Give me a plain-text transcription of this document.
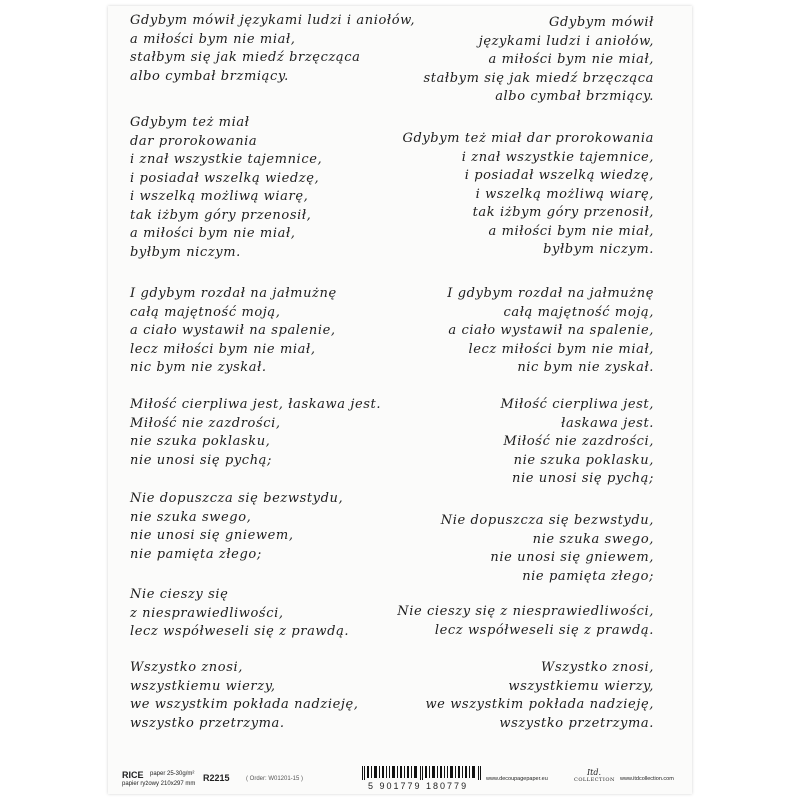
Gdybym mówił językami ludzi i aniołów,
a miłości bym nie miał,
stałbym się jak miedź brzęcząca
albo cymbał brzmiący.
Gdybym mówił
językami ludzi i aniołów,
a miłości bym nie miał,
stałbym się jak miedź brzęcząca
albo cymbał brzmiący.
Gdybym też miał
dar prorokowania
i znał wszystkie tajemnice,
i posiadał wszelką wiedzę,
i wszelką możliwą wiarę,
tak iżbym góry przenosił,
a miłości bym nie miał,
byłbym niczym.
Gdybym też miał dar prorokowania
i znał wszystkie tajemnice,
i posiadał wszelką wiedzę,
i wszelką możliwą wiarę,
tak iżbym góry przenosił,
a miłości bym nie miał,
byłbym niczym.
I gdybym rozdał na jałmużnę
całą majętność moją,
a ciało wystawił na spalenie,
lecz miłości bym nie miał,
nic bym nie zyskał.
I gdybym rozdał na jałmużnę
całą majętność moją,
a ciało wystawił na spalenie,
lecz miłości bym nie miał,
nic bym nie zyskał.
Miłość cierpliwa jest, łaskawa jest.
Miłość nie zazdrości,
nie szuka poklasku,
nie unosi się pychą;
Miłość cierpliwa jest,
łaskawa jest.
Miłość nie zazdrości,
nie szuka poklasku,
nie unosi się pychą;
Nie dopuszcza się bezwstydu,
nie szuka swego,
nie unosi się gniewem,
nie pamięta złego;
Nie dopuszcza się bezwstydu,
nie szuka swego,
nie unosi się gniewem,
nie pamięta złego;
Nie cieszy się
z niesprawiedliwości,
lecz współweseli się z prawdą.
Nie cieszy się z niesprawiedliwości,
lecz współweseli się z prawdą.
Wszystko znosi,
wszystkiemu wierzy,
we wszystkim pokłada nadzieję,
wszystko przetrzyma.
Wszystko znosi,
wszystkiemu wierzy,
we wszystkim pokłada nadzieję,
wszystko przetrzyma.
RICE paper 25-30g/m²
papier ryżowy 210x297 mm
R2215	( Order: W01201-15 )
5 901779 180779
www.decoupagepaper.eu
Itd.
COLLECTION www.itdcollection.com
